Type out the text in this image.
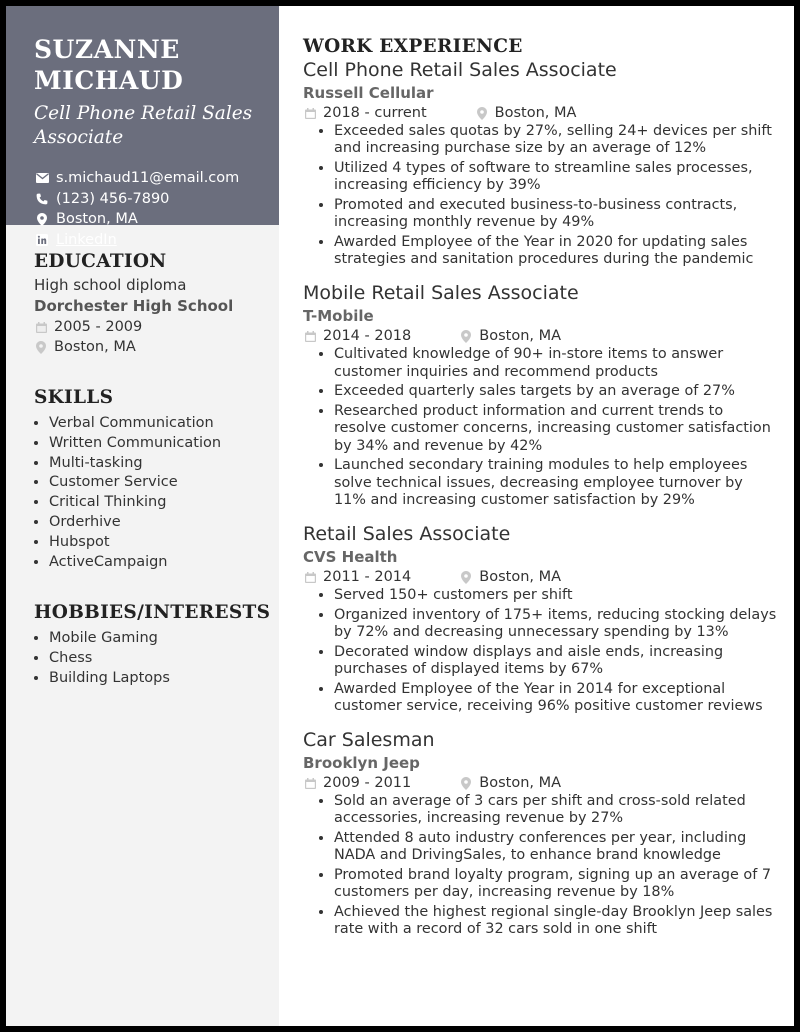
SUZANNE
MICHAUD
Cell Phone Retail Sales Associate
s.michaud11@email.com
(123) 456-7890
Boston, MA
LinkedIn
EDUCATION
High school diploma
Dorchester High School
2005 - 2009
Boston, MA
SKILLS
• Verbal Communication
• Written Communication
• Multi-tasking
• Customer Service
• Critical Thinking
• Orderhive
• Hubspot
• ActiveCampaign
HOBBIES/INTERESTS
• Mobile Gaming
• Chess
• Building Laptops
WORK EXPERIENCE
Cell Phone Retail Sales Associate
Russell Cellular
2018 - current	Boston, MA
• Exceeded sales quotas by 27%, selling 24+ devices per shift and increasing purchase size by an average of 12%
• Utilized 4 types of software to streamline sales processes, increasing efficiency by 39%
• Promoted and executed business-to-business contracts, increasing monthly revenue by 49%
• Awarded Employee of the Year in 2020 for updating sales strategies and sanitation procedures during the pandemic
Mobile Retail Sales Associate
T-Mobile
2014 - 2018	Boston, MA
• Cultivated knowledge of 90+ in-store items to answer customer inquiries and recommend products
• Exceeded quarterly sales targets by an average of 27%
• Researched product information and current trends to resolve customer concerns, increasing customer satisfaction by 34% and revenue by 42%
• Launched secondary training modules to help employees solve technical issues, decreasing employee turnover by 11% and increasing customer satisfaction by 29%
Retail Sales Associate
CVS Health
2011 - 2014	Boston, MA
• Served 150+ customers per shift
• Organized inventory of 175+ items, reducing stocking delays by 72% and decreasing unnecessary spending by 13%
• Decorated window displays and aisle ends, increasing purchases of displayed items by 67%
• Awarded Employee of the Year in 2014 for exceptional customer service, receiving 96% positive customer reviews
Car Salesman
Brooklyn Jeep
2009 - 2011	Boston, MA
• Sold an average of 3 cars per shift and cross-sold related accessories, increasing revenue by 27%
• Attended 8 auto industry conferences per year, including NADA and DrivingSales, to enhance brand knowledge
• Promoted brand loyalty program, signing up an average of 7 customers per day, increasing revenue by 18%
• Achieved the highest regional single-day Brooklyn Jeep sales rate with a record of 32 cars sold in one shift
